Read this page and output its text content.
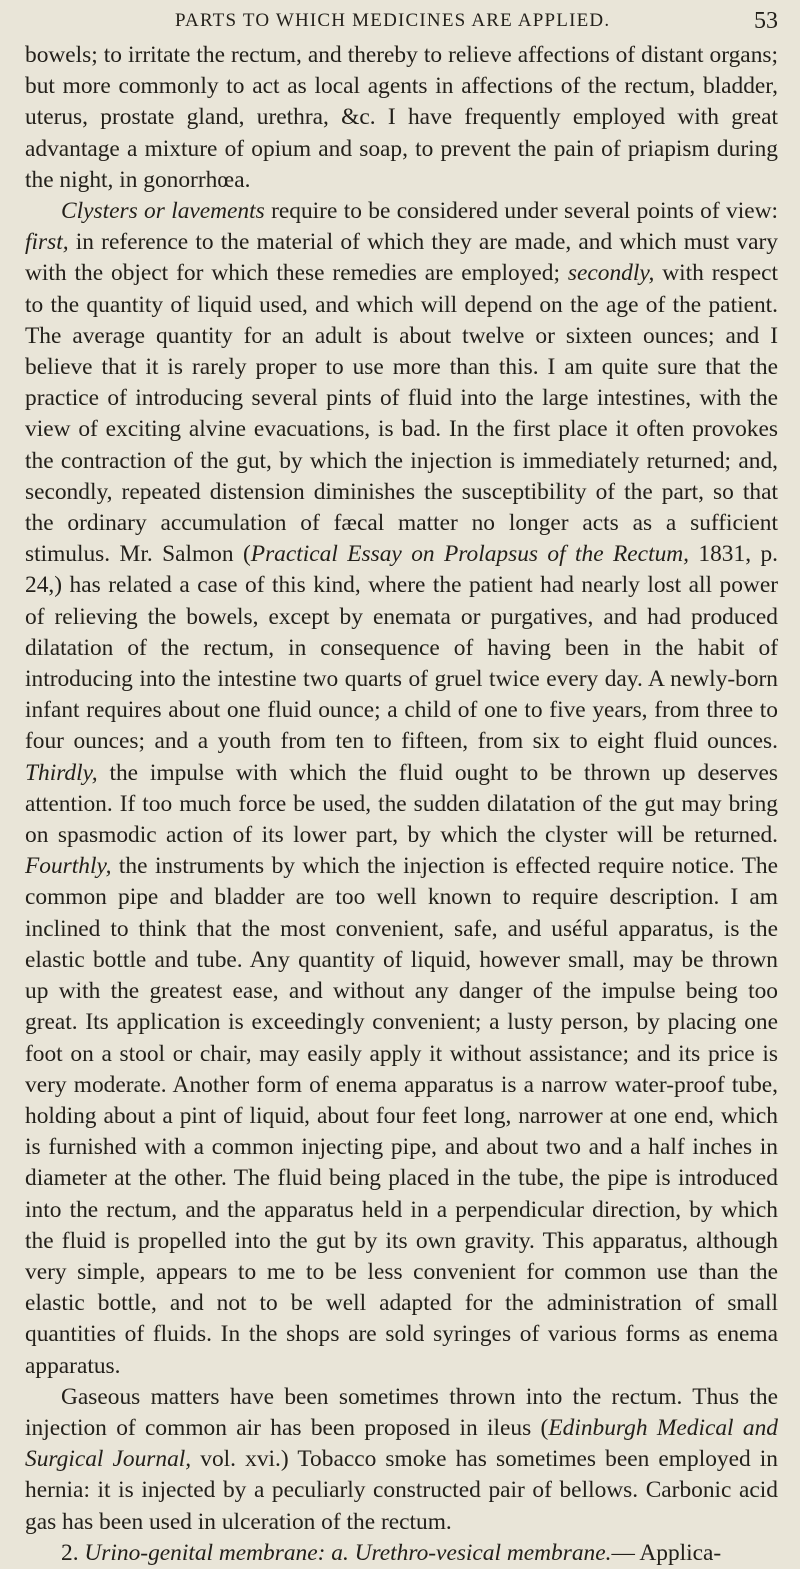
PARTS TO WHICH MEDICINES ARE APPLIED.	53

bowels; to irritate the rectum, and thereby to relieve affections of distant organs; but more commonly to act as local agents in affections of the rectum, bladder, uterus, prostate gland, urethra, &c. I have frequently employed with great advantage a mixture of opium and soap, to prevent the pain of priapism during the night, in gonorrhœa.

Clysters or lavements require to be considered under several points of view: first, in reference to the material of which they are made, and which must vary with the object for which these remedies are employed; secondly, with respect to the quantity of liquid used, and which will depend on the age of the patient. The average quantity for an adult is about twelve or sixteen ounces; and I believe that it is rarely proper to use more than this. I am quite sure that the practice of introducing several pints of fluid into the large intestines, with the view of exciting alvine evacuations, is bad. In the first place it often provokes the contraction of the gut, by which the injection is immediately returned; and, secondly, repeated distension diminishes the susceptibility of the part, so that the ordinary accumulation of fæcal matter no longer acts as a sufficient stimulus. Mr. Salmon (Practical Essay on Prolapsus of the Rectum, 1831, p. 24,) has related a case of this kind, where the patient had nearly lost all power of relieving the bowels, except by enemata or purgatives, and had produced dilatation of the rectum, in consequence of having been in the habit of introducing into the intestine two quarts of gruel twice every day. A newly-born infant requires about one fluid ounce; a child of one to five years, from three to four ounces; and a youth from ten to fifteen, from six to eight fluid ounces. Thirdly, the impulse with which the fluid ought to be thrown up deserves attention. If too much force be used, the sudden dilatation of the gut may bring on spasmodic action of its lower part, by which the clyster will be returned. Fourthly, the instruments by which the injection is effected require notice. The common pipe and bladder are too well known to require description. I am inclined to think that the most convenient, safe, and uséful apparatus, is the elastic bottle and tube. Any quantity of liquid, however small, may be thrown up with the greatest ease, and without any danger of the impulse being too great. Its application is exceedingly convenient; a lusty person, by placing one foot on a stool or chair, may easily apply it without assistance; and its price is very moderate. Another form of enema apparatus is a narrow water-proof tube, holding about a pint of liquid, about four feet long, narrower at one end, which is furnished with a common injecting pipe, and about two and a half inches in diameter at the other. The fluid being placed in the tube, the pipe is introduced into the rectum, and the apparatus held in a perpendicular direction, by which the fluid is propelled into the gut by its own gravity. This apparatus, although very simple, appears to me to be less convenient for common use than the elastic bottle, and not to be well adapted for the administration of small quantities of fluids. In the shops are sold syringes of various forms as enema apparatus.

Gaseous matters have been sometimes thrown into the rectum. Thus the injection of common air has been proposed in ileus (Edinburgh Medical and Surgical Journal, vol. xvi.) Tobacco smoke has sometimes been employed in hernia: it is injected by a peculiarly constructed pair of bellows. Carbonic acid gas has been used in ulceration of the rectum.

2. Urino-genital membrane: a. Urethro-vesical membrane.— Applica-
